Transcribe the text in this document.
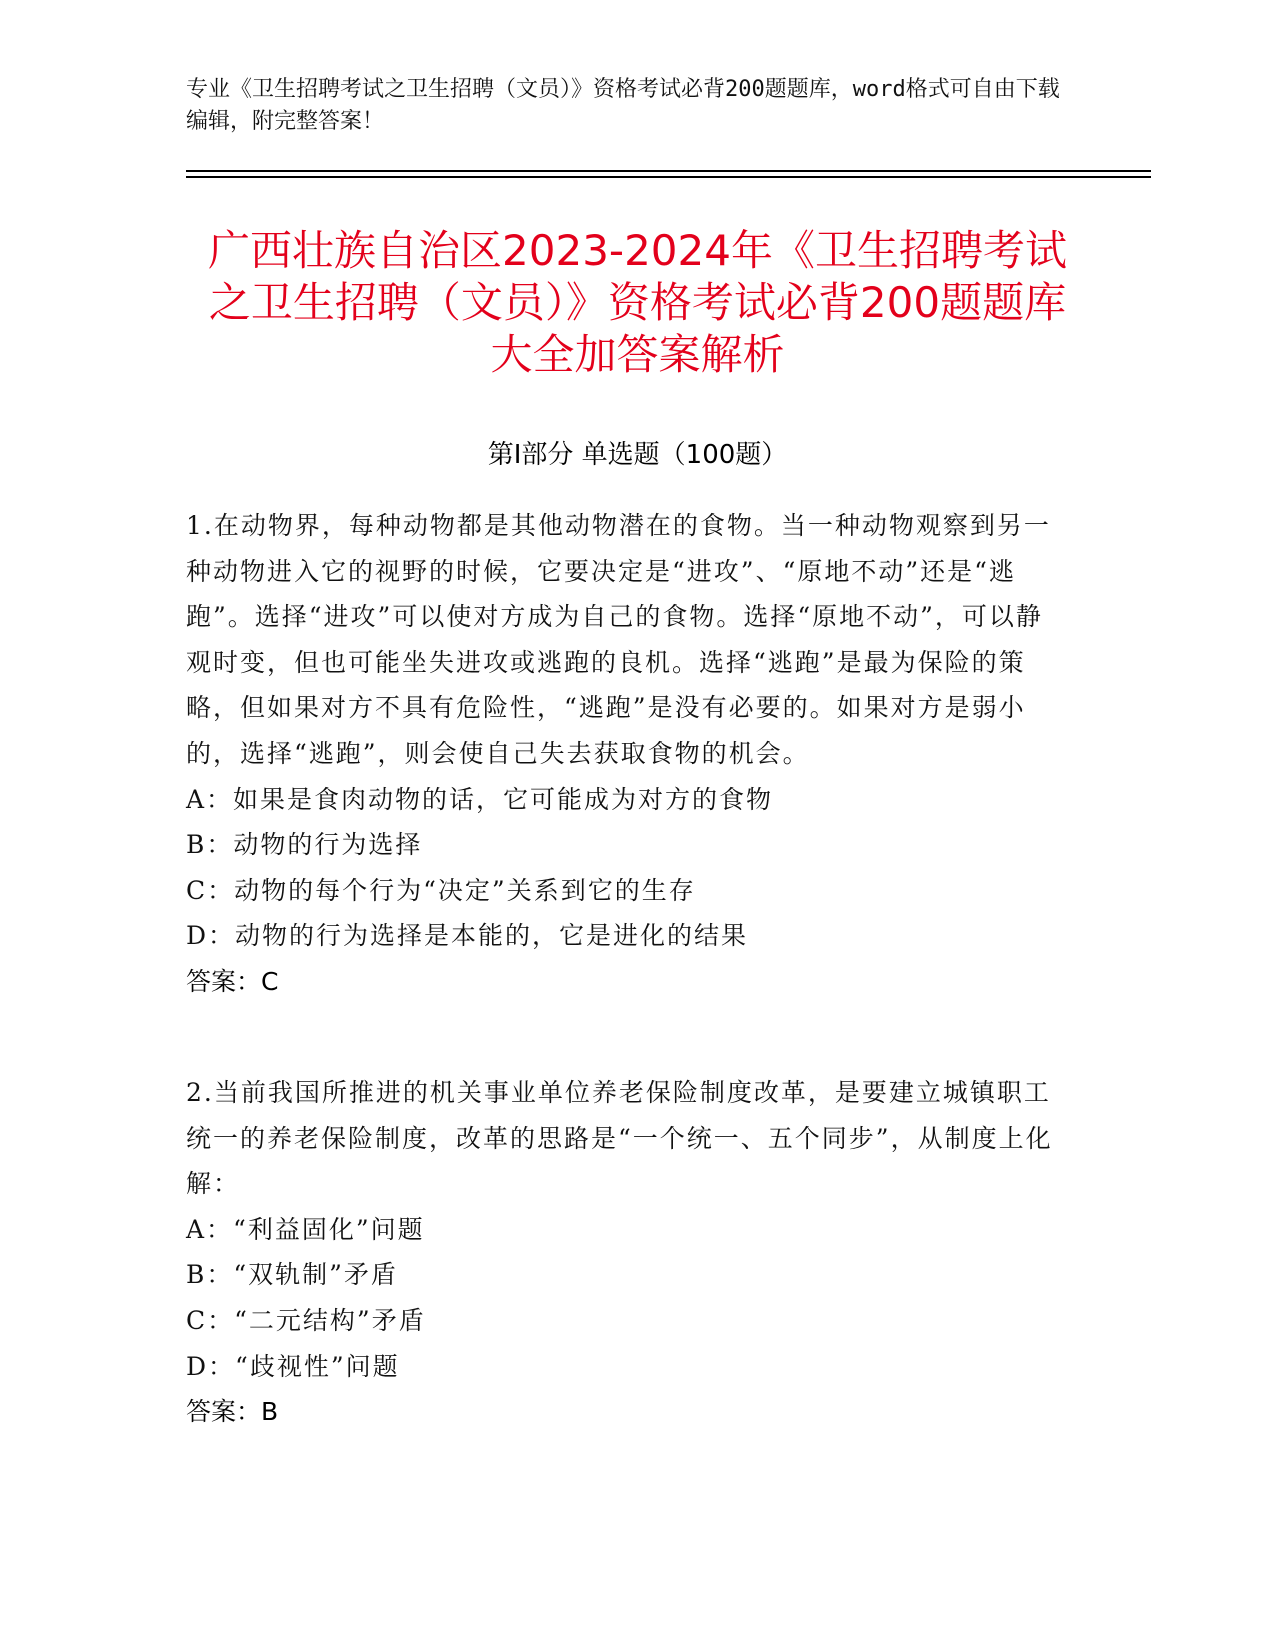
专业《卫生招聘考试之卫生招聘（文员）》资格考试必背200题题库，word格式可自由下载编辑，附完整答案！
广西壮族自治区2023-2024年《卫生招聘考试之卫生招聘（文员）》资格考试必背200题题库大全加答案解析
第Ⅰ部分 单选题（100题）
1.在动物界，每种动物都是其他动物潜在的食物。当一种动物观察到另一种动物进入它的视野的时候，它要决定是“进攻”、“原地不动”还是“逃跑”。选择“进攻”可以使对方成为自己的食物。选择“原地不动”，可以静观时变，但也可能坐失进攻或逃跑的良机。选择“逃跑”是最为保险的策略，但如果对方不具有危险性，“逃跑”是没有必要的。如果对方是弱小的，选择“逃跑”，则会使自己失去获取食物的机会。
A：如果是食肉动物的话，它可能成为对方的食物
B：动物的行为选择
C：动物的每个行为“决定”关系到它的生存
D：动物的行为选择是本能的，它是进化的结果
答案：C
2.当前我国所推进的机关事业单位养老保险制度改革，是要建立城镇职工统一的养老保险制度，改革的思路是“一个统一、五个同步”，从制度上化解：
A：“利益固化”问题
B：“双轨制”矛盾
C：“二元结构”矛盾
D：“歧视性”问题
答案：B
